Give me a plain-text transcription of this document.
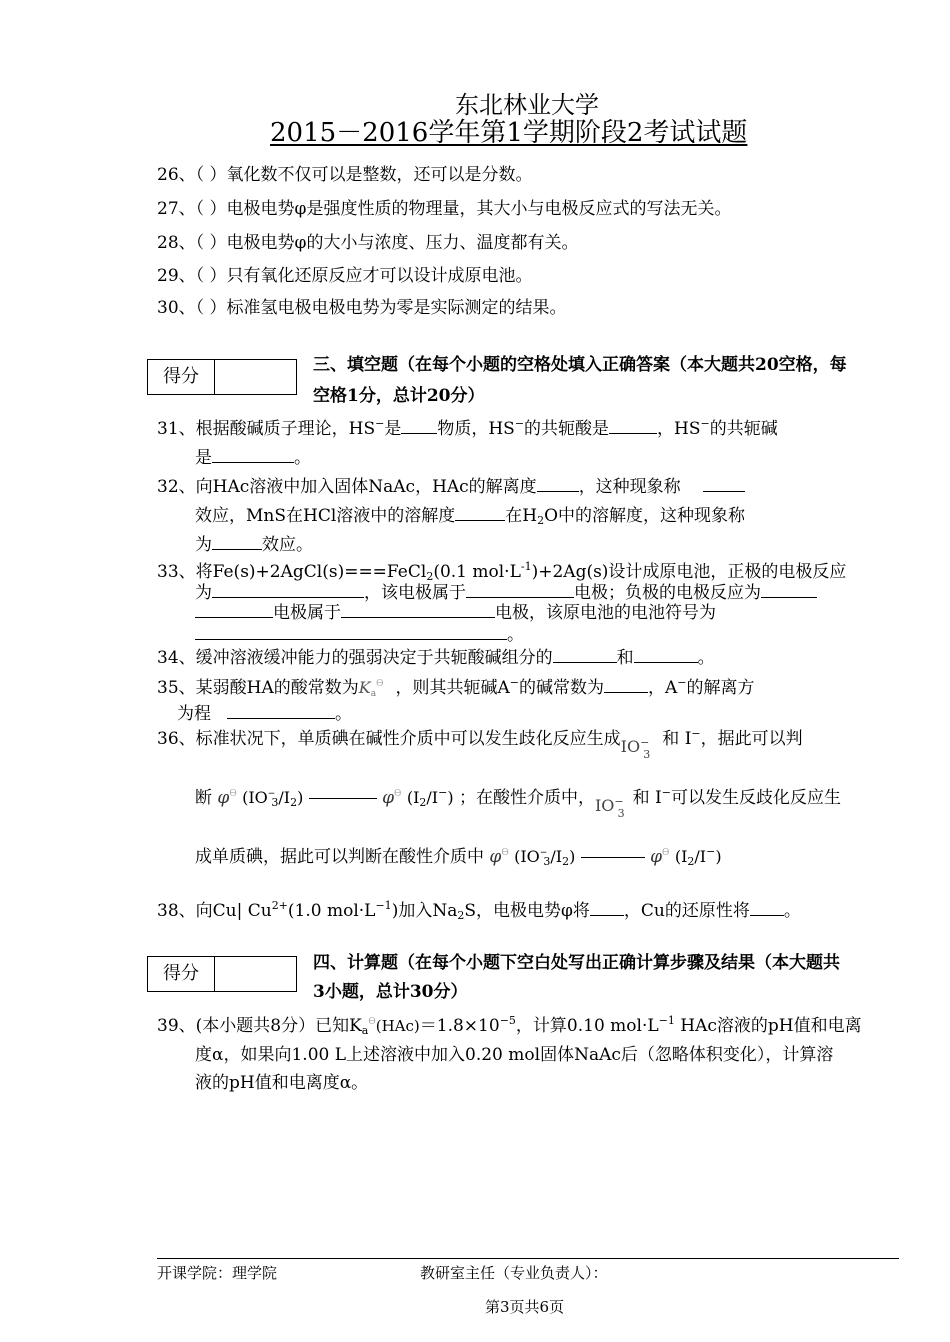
东北林业大学
2015－2016学年第1学期阶段2考试试题
26、（ ）氧化数不仅可以是整数，还可以是分数。
27、（ ）电极电势φ是强度性质的物理量，其大小与电极反应式的写法无关。
28、（ ）电极电势φ的大小与浓度、压力、温度都有关。
29、（ ）只有氧化还原反应才可以设计成原电池。
30、（ ）标准氢电极电极电势为零是实际测定的结果。
得分
三、填空题（在每个小题的空格处填入正确答案（本大题共20空格，每
空格1分，总计20分）
31、根据酸碱质子理论，HS−是 物质，HS−的共轭酸是	，HS−的共轭碱
是	。
32、向HAc溶液中加入固体NaAc，HAc的解离度 ，这种现象称
效应，MnS在HCl溶液中的溶解度	在$H_2O$中的溶解度，这种现象称
为	效应。
33、将Fe(s)+2AgCl(s)===FeCl$_2$(0.1 $mol\cdot L^{-1})+2Ag(s)$设计成原电池，正极的电极反应
为	，该电极属于	电极；负极的电极反应为
电极属于	电极，该原电池的电池符号为
。
34、缓冲溶液缓冲能力的强弱决定于共轭酸碱组分的	和	。
35、某弱酸HA的酸常数为$K_a^Ө$ ，则其共轭碱A−的碱常数为	，A−的解离方
为程	。
36、标准状况下，单质碘在碱性介质中可以发生歧化反应生成$IO-_3$和 I−，据此可以判
断 $\varphi^Ө$ $(IO^-_3/I_2)$	$\varphi^Ө$ $(I_2/I^-)$ ；在酸性介质中，$IO-_3$和 I−可以发生反歧化反应生
成单质碘，据此可以判断在酸性介质中 $\varphi^Ө$ $(IO^-_3/I_2)$	$\varphi^Ө$ $(I_2/I^-)$
38、向Cu| $Cu^{2+}(1.0$ $mol\cdot L^{-1}$)加入$Na_2S$，电极电势φ将 ，Cu的还原性将 。
得分	四、计算题（在每个小题下空白处写出正确计算步骤及结果（本大题共
3小题，总计30分）
39、(本小题共8分）已知$K_a^Ө(HAc)=1.8\times 10^{-5}$，计算0.10 $mol\cdot L^{-1}$ HAc溶液的pH值和电离
度α，如果向1.00 L上述溶液中加入0.20 mol固体NaAc后（忽略体积变化），计算溶
液的pH值和电离度α。
开课学院：理学院	教研室主任（专业负责人）：
第3页共6页
